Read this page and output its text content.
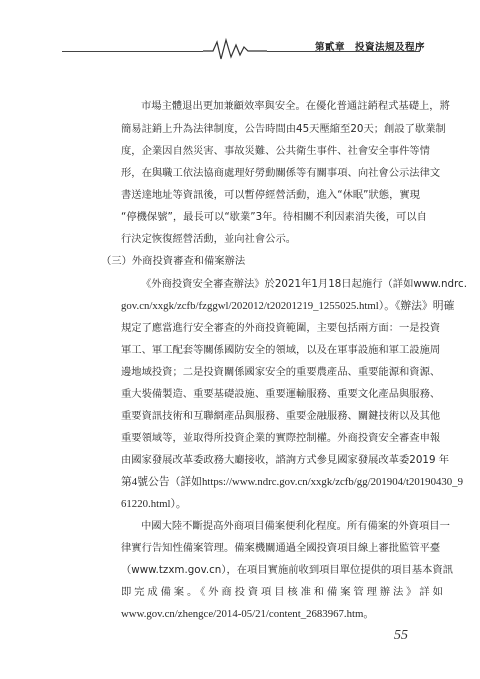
第貳章　投資法規及程序
市場主體退出更加兼顧效率與安全。在優化普通註銷程式基礎上，將
簡易註銷上升為法律制度，公告時間由45天壓縮至20天；創設了歇業制
度，企業因自然災害、事故災難、公共衛生事件、社會安全事件等情
形，在與職工依法協商處理好勞動關係等有關事項、向社會公示法律文
書送達地址等資訊後，可以暫停經營活動，進入“休眠”狀態，實現
“停機保號”，最長可以“歇業”3年。待相關不利因素消失後，可以自
行決定恢復經營活動，並向社會公示。
（三）外商投資審查和備案辦法
《外商投資安全審查辦法》於2021年1月18日起施行（詳如www.ndrc.
gov.cn/xxgk/zcfb/fzggwl/202012/t20201219_1255025.html）。《辦法》明確
規定了應當進行安全審查的外商投資範圍，主要包括兩方面：一是投資
軍工、軍工配套等關係國防安全的領域，以及在軍事設施和軍工設施周
邊地域投資；二是投資關係國家安全的重要農產品、重要能源和資源、
重大裝備製造、重要基礎設施、重要運輸服務、重要文化產品與服務、
重要資訊技術和互聯網產品與服務、重要金融服務、關鍵技術以及其他
重要領域等，並取得所投資企業的實際控制權。外商投資安全審查申報
由國家發展改革委政務大廳接收，諮詢方式參見國家發展改革委2019 年
第4號公告（詳如https://www.ndrc.gov.cn/xxgk/zcfb/gg/201904/t20190430_9
61220.html）。
中國大陸不斷提高外商項目備案便利化程度。所有備案的外資項目一
律實行告知性備案管理。備案機關通過全國投資項目線上審批監管平臺
（www.tzxm.gov.cn），在項目實施前收到項目單位提供的項目基本資訊
即完成備案。《外商投資項目核准和備案管理辦法》詳如
www.gov.cn/zhengce/2014-05/21/content_2683967.htm。
55
